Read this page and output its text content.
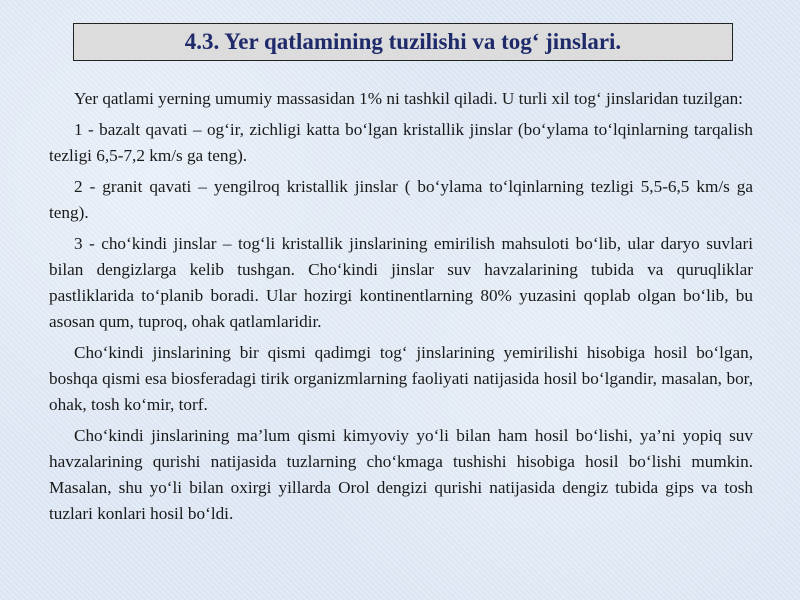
4.3. Yer qatlamining tuzilishi va tog‘ jinslari.

Yer qatlami yerning umumiy massasidan 1% ni tashkil qiladi. U turli xil tog‘ jinslaridan tuzilgan:

1 - bazalt qavati – og‘ir, zichligi katta bo‘lgan kristallik jinslar (bo‘ylama to‘lqinlarning tarqalish tezligi 6,5-7,2 km/s ga teng).

2 - granit qavati – yengilroq kristallik jinslar ( bo‘ylama to‘lqinlarning tezligi 5,5-6,5 km/s ga teng).

3 - cho‘kindi jinslar – tog‘li kristallik jinslarining emirilish mahsuloti bo‘lib, ular daryo suvlari bilan dengizlarga kelib tushgan. Cho‘kindi jinslar suv havzalarining tubida va quruqliklar pastliklarida to‘planib boradi. Ular hozirgi kontinentlarning 80% yuzasini qoplab olgan bo‘lib, bu asosan qum, tuproq, ohak qatlamlaridir.

Cho‘kindi jinslarining bir qismi qadimgi tog‘ jinslarining yemirilishi hisobiga hosil bo‘lgan, boshqa qismi esa biosferadagi tirik organizmlarning faoliyati natijasida hosil bo‘lgandir, masalan, bor, ohak, tosh ko‘mir, torf.

Cho‘kindi jinslarining ma’lum qismi kimyoviy yo‘li bilan ham hosil bo‘lishi, ya’ni yopiq suv havzalarining qurishi natijasida tuzlarning cho‘kmaga tushishi hisobiga hosil bo‘lishi mumkin. Masalan, shu yo‘li bilan oxirgi yillarda Orol dengizi qurishi natijasida dengiz tubida gips va tosh tuzlari konlari hosil bo‘ldi.
